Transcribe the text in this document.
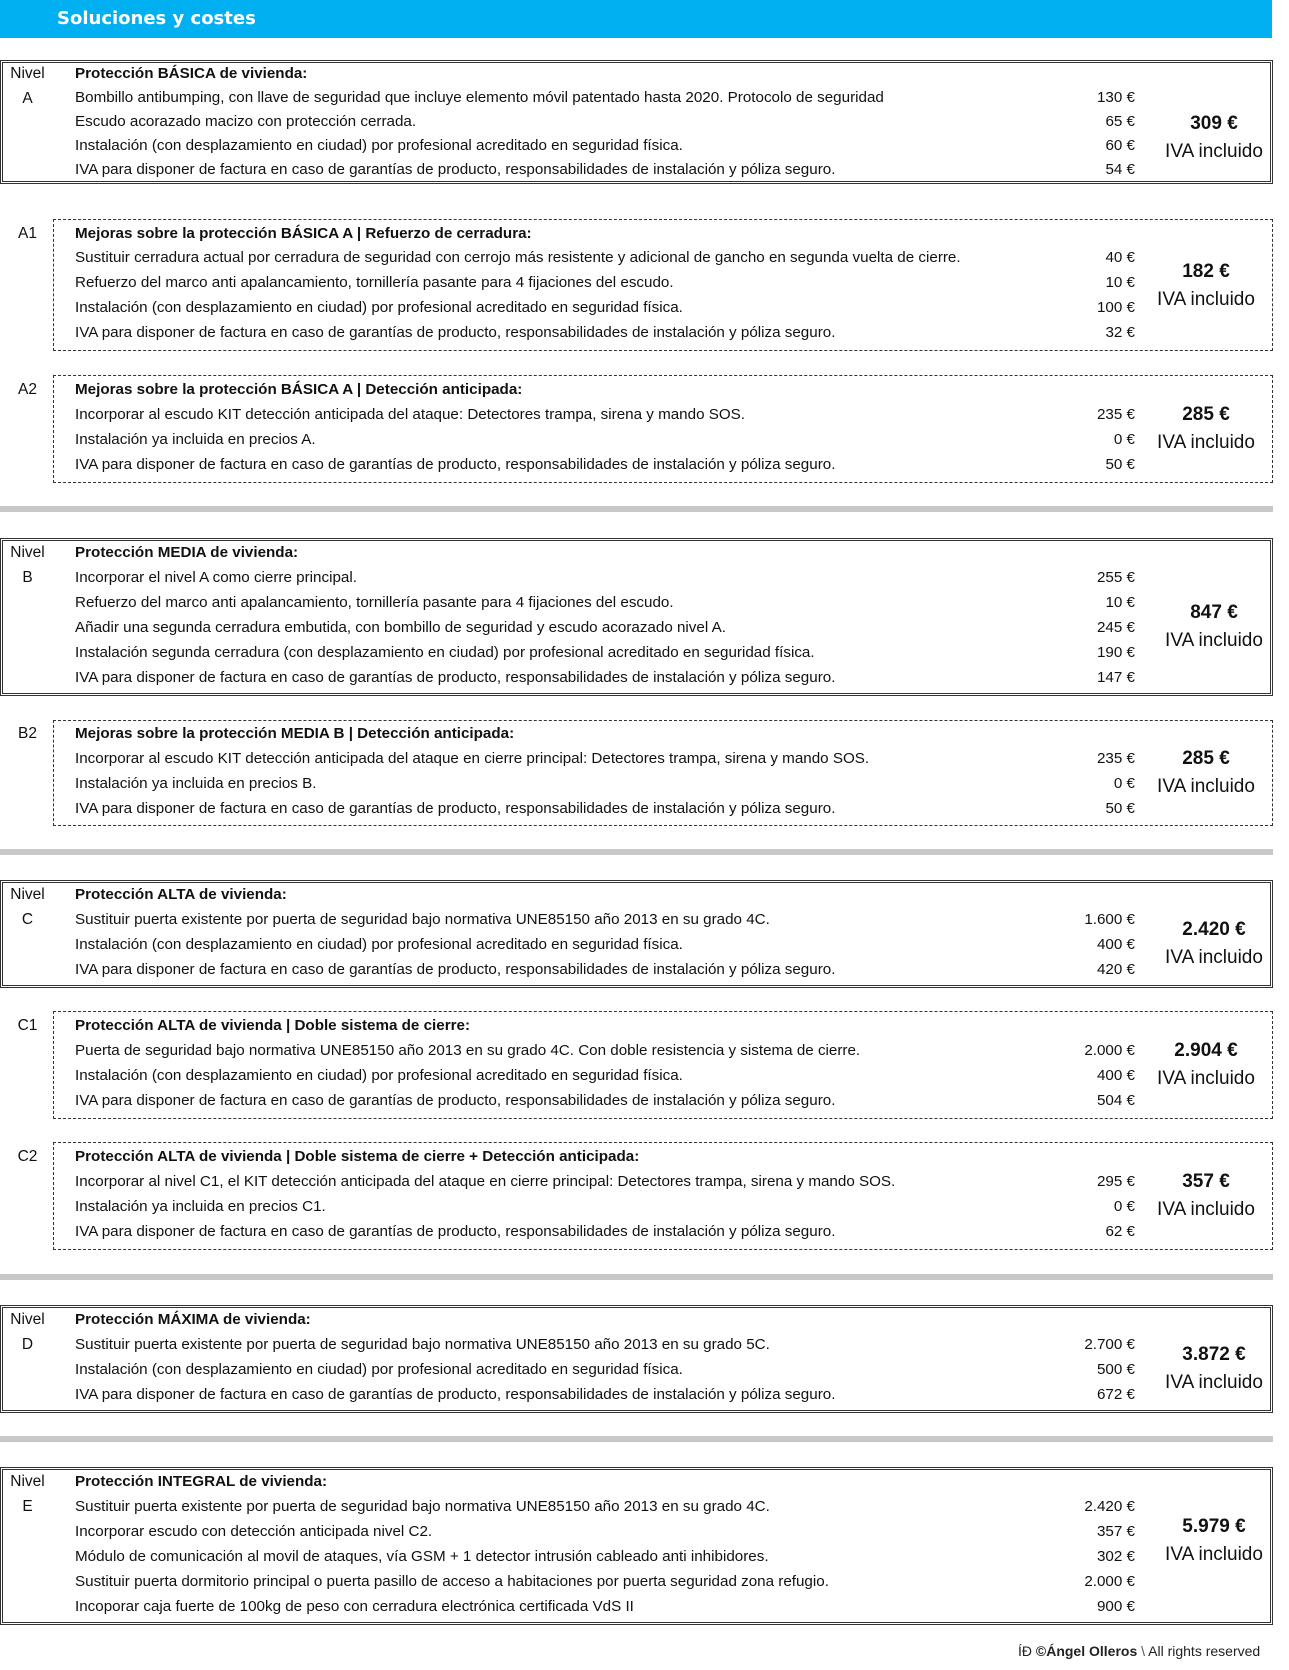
Soluciones y costes
Nivel
A
Protección BÁSICA de vivienda:
Bombillo antibumping, con llave de seguridad que incluye elemento móvil patentado hasta 2020. Protocolo de seguridad	130 €
Escudo acorazado macizo con protección cerrada.	65 €
Instalación (con desplazamiento en ciudad) por profesional acreditado en seguridad física.	60 €
IVA para disponer de factura en caso de garantías de producto, responsabilidades de instalación y póliza seguro.	54 €
309 €
IVA incluido
A1	Mejoras sobre la protección BÁSICA A | Refuerzo de cerradura:
Sustituir cerradura actual por cerradura de seguridad con cerrojo más resistente y adicional de gancho en segunda vuelta de cierre.	40 €
Refuerzo del marco anti apalancamiento, tornillería pasante para 4 fijaciones del escudo.	10 €
Instalación (con desplazamiento en ciudad) por profesional acreditado en seguridad física.	100 €
IVA para disponer de factura en caso de garantías de producto, responsabilidades de instalación y póliza seguro.	32 €
182 €
IVA incluido
A2	Mejoras sobre la protección BÁSICA A | Detección anticipada:
Incorporar al escudo KIT detección anticipada del ataque: Detectores trampa, sirena y mando SOS.	235 €
Instalación ya incluida en precios A.	0 €
IVA para disponer de factura en caso de garantías de producto, responsabilidades de instalación y póliza seguro.	50 €
285 €
IVA incluido
Nivel
B
Protección MEDIA de vivienda:
Incorporar el nivel A como cierre principal.	255 €
Refuerzo del marco anti apalancamiento, tornillería pasante para 4 fijaciones del escudo.	10 €
Añadir una segunda cerradura embutida, con bombillo de seguridad y escudo acorazado nivel A.	245 €
Instalación segunda cerradura (con desplazamiento en ciudad) por profesional acreditado en seguridad física.	190 €
IVA para disponer de factura en caso de garantías de producto, responsabilidades de instalación y póliza seguro.	147 €
847 €
IVA incluido
B2	Mejoras sobre la protección MEDIA B | Detección anticipada:
Incorporar al escudo KIT detección anticipada del ataque en cierre principal: Detectores trampa, sirena y mando SOS.	235 €
Instalación ya incluida en precios B.	0 €
IVA para disponer de factura en caso de garantías de producto, responsabilidades de instalación y póliza seguro.	50 €
285 €
IVA incluido
Nivel
C
Protección ALTA de vivienda:
Sustituir puerta existente por puerta de seguridad bajo normativa UNE85150 año 2013 en su grado 4C.	1.600 €
Instalación (con desplazamiento en ciudad) por profesional acreditado en seguridad física.	400 €
IVA para disponer de factura en caso de garantías de producto, responsabilidades de instalación y póliza seguro.	420 €
2.420 €
IVA incluido
C1	Protección ALTA de vivienda | Doble sistema de cierre:
Puerta de seguridad bajo normativa UNE85150 año 2013 en su grado 4C. Con doble resistencia y sistema de cierre.	2.000 €
Instalación (con desplazamiento en ciudad) por profesional acreditado en seguridad física.	400 €
IVA para disponer de factura en caso de garantías de producto, responsabilidades de instalación y póliza seguro.	504 €
2.904 €
IVA incluido
C2	Protección ALTA de vivienda | Doble sistema de cierre + Detección anticipada:
Incorporar al nivel C1, el KIT detección anticipada del ataque en cierre principal: Detectores trampa, sirena y mando SOS.	295 €
Instalación ya incluida en precios C1.	0 €
IVA para disponer de factura en caso de garantías de producto, responsabilidades de instalación y póliza seguro.	62 €
357 €
IVA incluido
Nivel
D
Protección MÁXIMA de vivienda:
Sustituir puerta existente por puerta de seguridad bajo normativa UNE85150 año 2013 en su grado 5C.	2.700 €
Instalación (con desplazamiento en ciudad) por profesional acreditado en seguridad física.	500 €
IVA para disponer de factura en caso de garantías de producto, responsabilidades de instalación y póliza seguro.	672 €
3.872 €
IVA incluido
Nivel
E
Protección INTEGRAL de vivienda:
Sustituir puerta existente por puerta de seguridad bajo normativa UNE85150 año 2013 en su grado 4C.	2.420 €
Incorporar escudo con detección anticipada nivel C2.	357 €
Módulo de comunicación al movil de ataques, vía GSM + 1 detector intrusión cableado anti inhibidores.	302 €
Sustituir puerta dormitorio principal o puerta pasillo de acceso a habitaciones por puerta seguridad zona refugio.	2.000 €
Incoporar caja fuerte de 100kg de peso con cerradura electrónica certificada VdS II	900 €
5.979 €
IVA incluido
ÍÐ ©Ángel Olleros \ All rights reserved
